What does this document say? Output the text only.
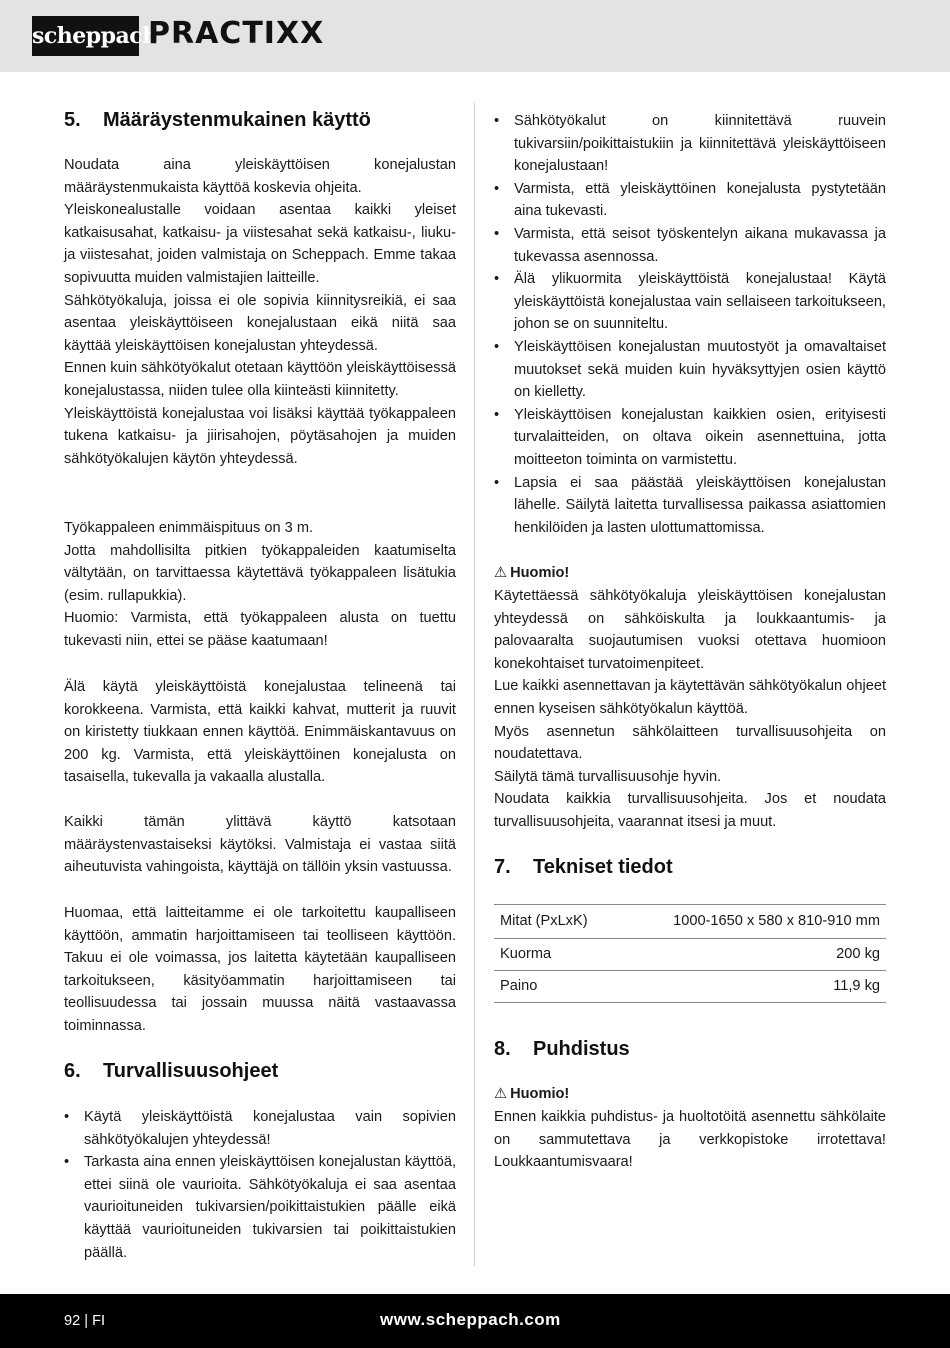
scheppach
PRACTIXX
5. Määräystenmukainen käyttö

Noudata aina yleiskäyttöisen konejalustan määräystenmukaista käyttöä koskevia ohjeita.

Yleiskonealustalle voidaan asentaa kaikki yleiset katkaisusahat, katkaisu- ja viistesahat sekä katkaisu-, liuku- ja viistesahat, joiden valmistaja on Scheppach. Emme takaa sopivuutta muiden valmistajien laitteille.

Sähkötyökaluja, joissa ei ole sopivia kiinnitysreikiä, ei saa asentaa yleiskäyttöiseen konejalustaan eikä niitä saa käyttää yleiskäyttöisen konejalustan yhteydessä.

Ennen kuin sähkötyökalut otetaan käyttöön yleiskäyttöisessä konejalustassa, niiden tulee olla kiinteästi kiinnitetty.

Yleiskäyttöistä konejalustaa voi lisäksi käyttää työkappaleen tukena katkaisu- ja jiirisahojen, pöytäsahojen ja muiden sähkötyökalujen käytön yhteydessä.

Työkappaleen enimmäispituus on 3 m.

Jotta mahdollisilta pitkien työkappaleiden kaatumiselta vältytään, on tarvittaessa käytettävä työkappaleen lisätukia (esim. rullapukkia).

Huomio: Varmista, että työkappaleen alusta on tuettu tukevasti niin, ettei se pääse kaatumaan!

Älä käytä yleiskäyttöistä konejalustaa telineenä tai korokkeena. Varmista, että kaikki kahvat, mutterit ja ruuvit on kiristetty tiukkaan ennen käyttöä. Enimmäiskantavuus on 200 kg. Varmista, että yleiskäyttöinen konejalusta on tasaisella, tukevalla ja vakaalla alustalla.

Kaikki tämän ylittävä käyttö katsotaan määräystenvastaiseksi käytöksi. Valmistaja ei vastaa siitä aiheutuvista vahingoista, käyttäjä on tällöin yksin vastuussa.

Huomaa, että laitteitamme ei ole tarkoitettu kaupalliseen käyttöön, ammatin harjoittamiseen tai teolliseen käyttöön. Takuu ei ole voimassa, jos laitetta käytetään kaupalliseen tarkoitukseen, käsityöammatin harjoittamiseen tai teollisuudessa tai jossain muussa näitä vastaavassa toiminnassa.

6. Turvallisuusohjeet
• Käytä yleiskäyttöistä konejalustaa vain sopivien sähkötyökalujen yhteydessä!
• Tarkasta aina ennen yleiskäyttöisen konejalustan käyttöä, ettei siinä ole vaurioita. Sähkötyökaluja ei saa asentaa vaurioituneiden tukivarsien/poikittaistukien päälle eikä käyttää vaurioituneiden tukivarsien tai poikittaistukien päällä.
• Sähkötyökalut on kiinnitettävä ruuvein tukivarsiin/poikittaistukiin ja kiinnitettävä yleiskäyttöiseen konejalustaan!
• Varmista, että yleiskäyttöinen konejalusta pystytetään aina tukevasti.
• Varmista, että seisot työskentelyn aikana mukavassa ja tukevassa asennossa.
• Älä ylikuormita yleiskäyttöistä konejalustaa! Käytä yleiskäyttöistä konejalustaa vain sellaiseen tarkoitukseen, johon se on suunniteltu.
• Yleiskäyttöisen konejalustan muutostyöt ja omavaltaiset muutokset sekä muiden kuin hyväksyttyjen osien käyttö on kielletty.
• Yleiskäyttöisen konejalustan kaikkien osien, erityisesti turvalaitteiden, on oltava oikein asennettuina, jotta moitteeton toiminta on varmistettu.
• Lapsia ei saa päästää yleiskäyttöisen konejalustan lähelle. Säilytä laitetta turvallisessa paikassa asiattomien henkilöiden ja lasten ulottumattomissa.
⚠ Huomio!

Käytettäessä sähkötyökaluja yleiskäyttöisen konejalustan yhteydessä on sähköiskulta ja loukkaantumis- ja palovaaralta suojautumisen vuoksi otettava huomioon konekohtaiset turvatoimenpiteet.

Lue kaikki asennettavan ja käytettävän sähkötyökalun ohjeet ennen kyseisen sähkötyökalun käyttöä.

Myös asennetun sähkölaitteen turvallisuusohjeita on noudatettava.

Säilytä tämä turvallisuusohje hyvin.

Noudata kaikkia turvallisuusohjeita. Jos et noudata turvallisuusohjeita, vaarannat itsesi ja muut.

7. Tekniset tiedot
Mitat (PxLxK)	1000-1650 x 580 x 810-910 mm
Kuorma	200 kg
Paino	11,9 kg
8. Puhdistus
⚠ Huomio!

Ennen kaikkia puhdistus- ja huoltotöitä asennettu sähkölaite on sammutettava ja verkkopistoke irrotettava! Loukkaantumisvaara!

92 | FI	www.scheppach.com
